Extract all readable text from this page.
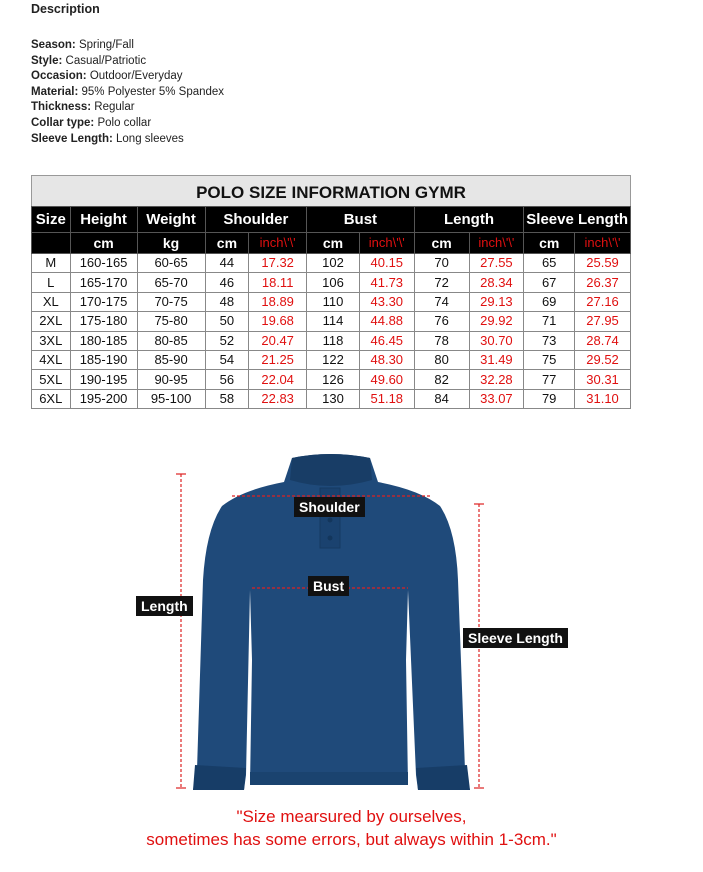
Description
Season: Spring/Fall
Style: Casual/Patriotic
Occasion: Outdoor/Everyday
Material: 95% Polyester 5% Spandex
Thickness: Regular
Collar type: Polo collar
Sleeve Length: Long sleeves
POLO SIZE INFORMATION GYMR
Size	Height	Weight	Shoulder		Bust		Length		Sleeve Length	
	cm	kg	cm	inch\'\'	cm	inch\'\'	cm	inch\'\'	cm	inch\'\'
M	160-165	60-65	44	17.32	102	40.15	70	27.55	65	25.59
L	165-170	65-70	46	18.11	106	41.73	72	28.34	67	26.37
XL	170-175	70-75	48	18.89	110	43.30	74	29.13	69	27.16
2XL	175-180	75-80	50	19.68	114	44.88	76	29.92	71	27.95
3XL	180-185	80-85	52	20.47	118	46.45	78	30.70	73	28.74
4XL	185-190	85-90	54	21.25	122	48.30	80	31.49	75	29.52
5XL	190-195	90-95	56	22.04	126	49.60	82	32.28	77	30.31
6XL	195-200	95-100	58	22.83	130	51.18	84	33.07	79	31.10
Shoulder
Bust
Length
Sleeve Length
"Size mearsured by ourselves,
sometimes has some errors, but always within 1-3cm."
